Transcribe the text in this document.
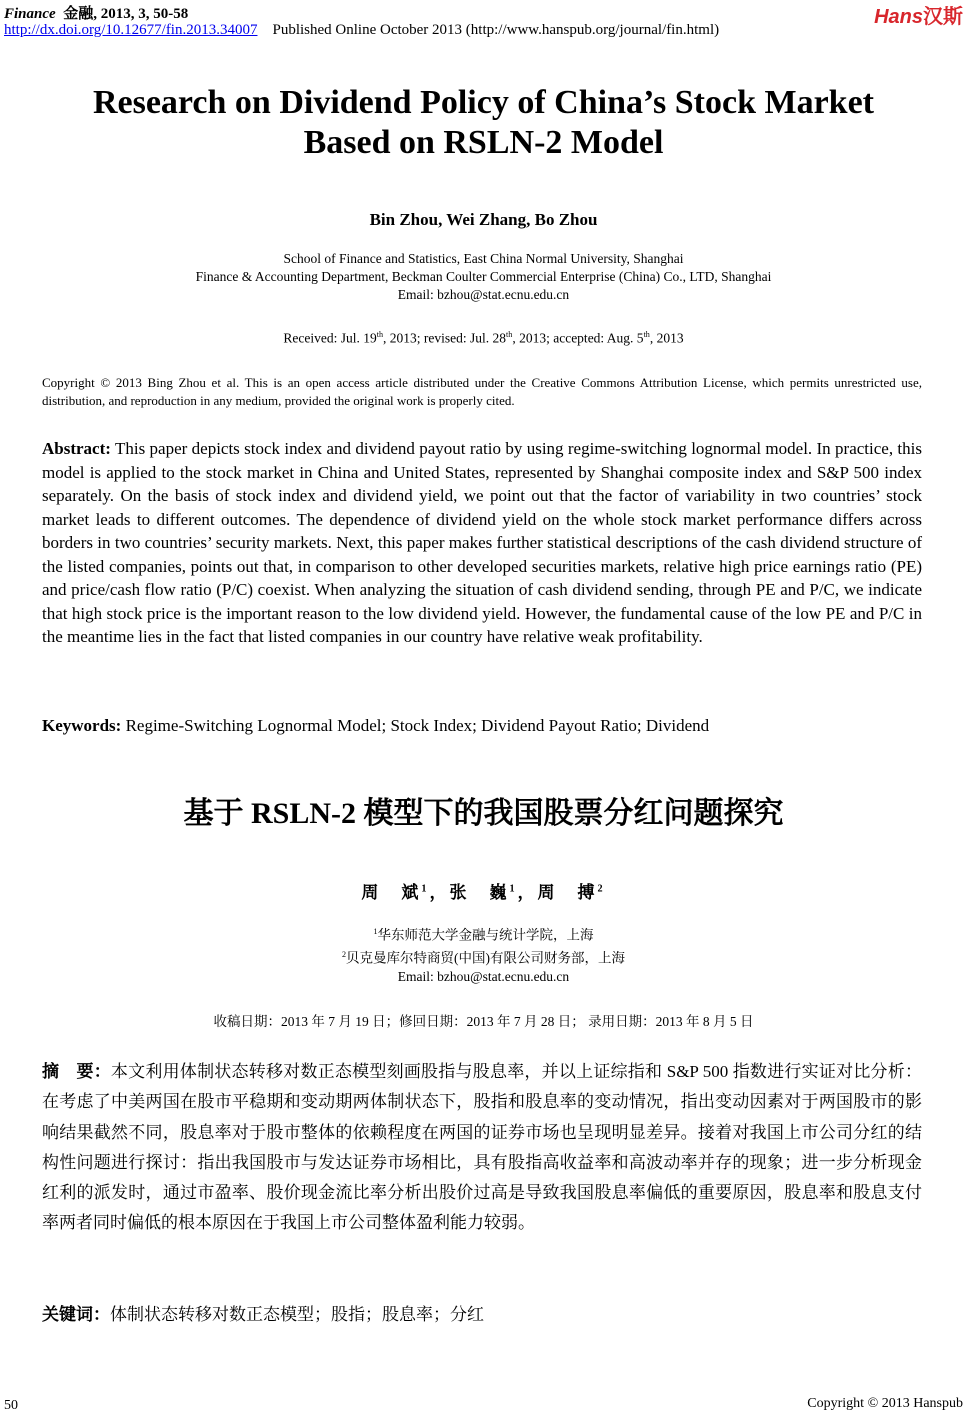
Finance 金融, 2013, 3, 50-58
http://dx.doi.org/10.12677/fin.2013.34007 Published Online October 2013 (http://www.hanspub.org/journal/fin.html)
Hans汉斯
Research on Dividend Policy of China’s Stock Market
Based on RSLN-2 Model
Bin Zhou, Wei Zhang, Bo Zhou
School of Finance and Statistics, East China Normal University, Shanghai
Finance & Accounting Department, Beckman Coulter Commercial Enterprise (China) Co., LTD, Shanghai
Email: bzhou@stat.ecnu.edu.cn
Received: Jul. 19th, 2013; revised: Jul. 28th, 2013; accepted: Aug. 5th, 2013
Copyright © 2013 Bing Zhou et al. This is an open access article distributed under the Creative Commons Attribution License, which permits unrestricted use, distribution, and reproduction in any medium, provided the original work is properly cited.
Abstract: This paper depicts stock index and dividend payout ratio by using regime-switching lognormal model. In practice, this model is applied to the stock market in China and United States, represented by Shanghai composite index and S&P 500 index separately. On the basis of stock index and dividend yield, we point out that the factor of variability in two countries’ stock market leads to different outcomes. The dependence of dividend yield on the whole stock market performance differs across borders in two countries’ security markets. Next, this paper makes further statistical descriptions of the cash dividend structure of the listed companies, points out that, in comparison to other developed securities markets, relative high price earnings ratio (PE) and price/cash flow ratio (P/C) coexist. When analyzing the situation of cash dividend sending, through PE and P/C, we indicate that high stock price is the important reason to the low dividend yield. However, the fundamental cause of the low PE and P/C in the meantime lies in the fact that listed companies in our country have relative weak profitability.
Keywords: Regime-Switching Lognormal Model; Stock Index; Dividend Payout Ratio; Dividend
基于 RSLN-2 模型下的我国股票分红问题探究
周　斌$^1$，张　巍$^1$，周　搏$^2$
$^1$华东师范大学金融与统计学院，上海
$^2$贝克曼库尔特商贸(中国)有限公司财务部，上海
Email: bzhou@stat.ecnu.edu.cn
收稿日期：2013 年 7 月 19 日；修回日期：2013 年 7 月 28 日； 录用日期：2013 年 8 月 5 日
摘　要：本文利用体制状态转移对数正态模型刻画股指与股息率，并以上证综指和 S&P 500 指数进行实证对比分析：在考虑了中美两国在股市平稳期和变动期两体制状态下，股指和股息率的变动情况，指出变动因素对于两国股市的影响结果截然不同，股息率对于股市整体的依赖程度在两国的证券市场也呈现明显差异。接着对我国上市公司分红的结构性问题进行探讨：指出我国股市与发达证券市场相比，具有股指高收益率和高波动率并存的现象；进一步分析现金红利的派发时，通过市盈率、股价现金流比率分析出股价过高是导致我国股息率偏低的重要原因，股息率和股息支付率两者同时偏低的根本原因在于我国上市公司整体盈利能力较弱。
关键词：体制状态转移对数正态模型；股指；股息率；分红
50	Copyright © 2013 Hanspub
